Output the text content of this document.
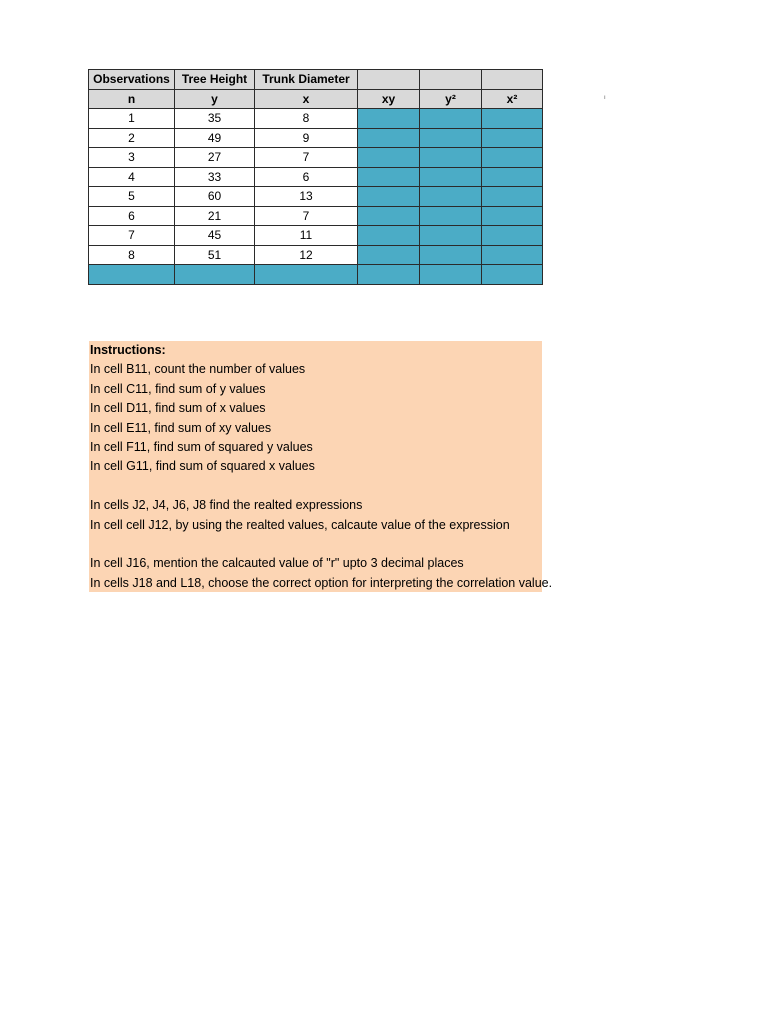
Observations	Tree Height	Trunk Diameter			
n	y	x	xy	y²	x²
1	35	8			
2	49	9			
3	27	7			
4	33	6			
5	60	13			
6	21	7			
7	45	11			
8	51	12			

ı
Instructions:
In cell B11, count the number of values
In cell C11, find sum of y values
In cell D11, find sum of x values
In cell E11, find sum of xy values
In cell F11, find sum of squared y values
In cell G11, find sum of squared x values
In cells J2, J4, J6, J8 find the realted expressions
In cell cell J12, by using the realted values, calcaute value of the expression
In cell J16, mention the calcauted value of "r" upto 3 decimal places
In cells J18 and L18, choose the correct option for interpreting the correlation value.
